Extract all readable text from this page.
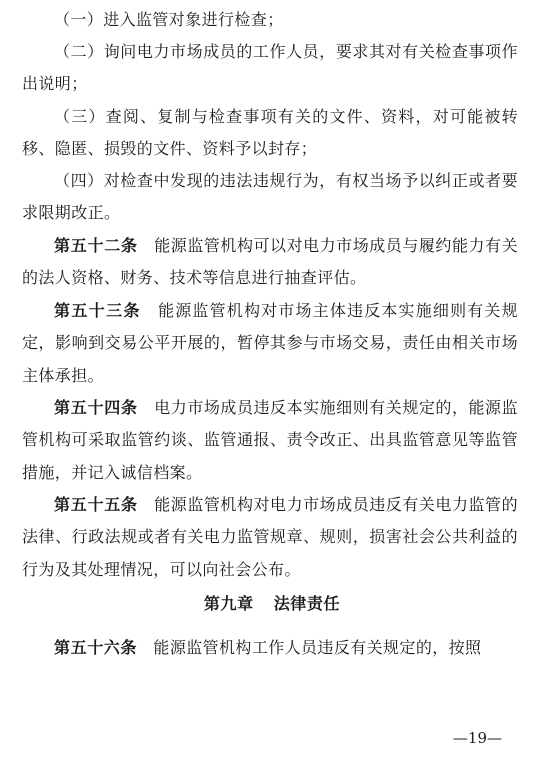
（一）进入监管对象进行检查；

（二）询问电力市场成员的工作人员，要求其对有关检查事项作出说明；

（三）查阅、复制与检查事项有关的文件、资料，对可能被转移、隐匿、损毁的文件、资料予以封存；

（四）对检查中发现的违法违规行为，有权当场予以纠正或者要求限期改正。

第五十二条　 能源监管机构可以对电力市场成员与履约能力有关的法人资格、财务、技术等信息进行抽查评估。

第五十三条　 能源监管机构对市场主体违反本实施细则有关规定，影响到交易公平开展的，暂停其参与市场交易，责任由相关市场主体承担。

第五十四条　 电力市场成员违反本实施细则有关规定的，能源监管机构可采取监管约谈、监管通报、责令改正、出具监管意见等监管措施，并记入诚信档案。

第五十五条　 能源监管机构对电力市场成员违反有关电力监管的法律、行政法规或者有关电力监管规章、规则，损害社会公共利益的行为及其处理情况，可以向社会公布。

第九章 法律责任

第五十六条　 能源监管机构工作人员违反有关规定的，按照

—19—
